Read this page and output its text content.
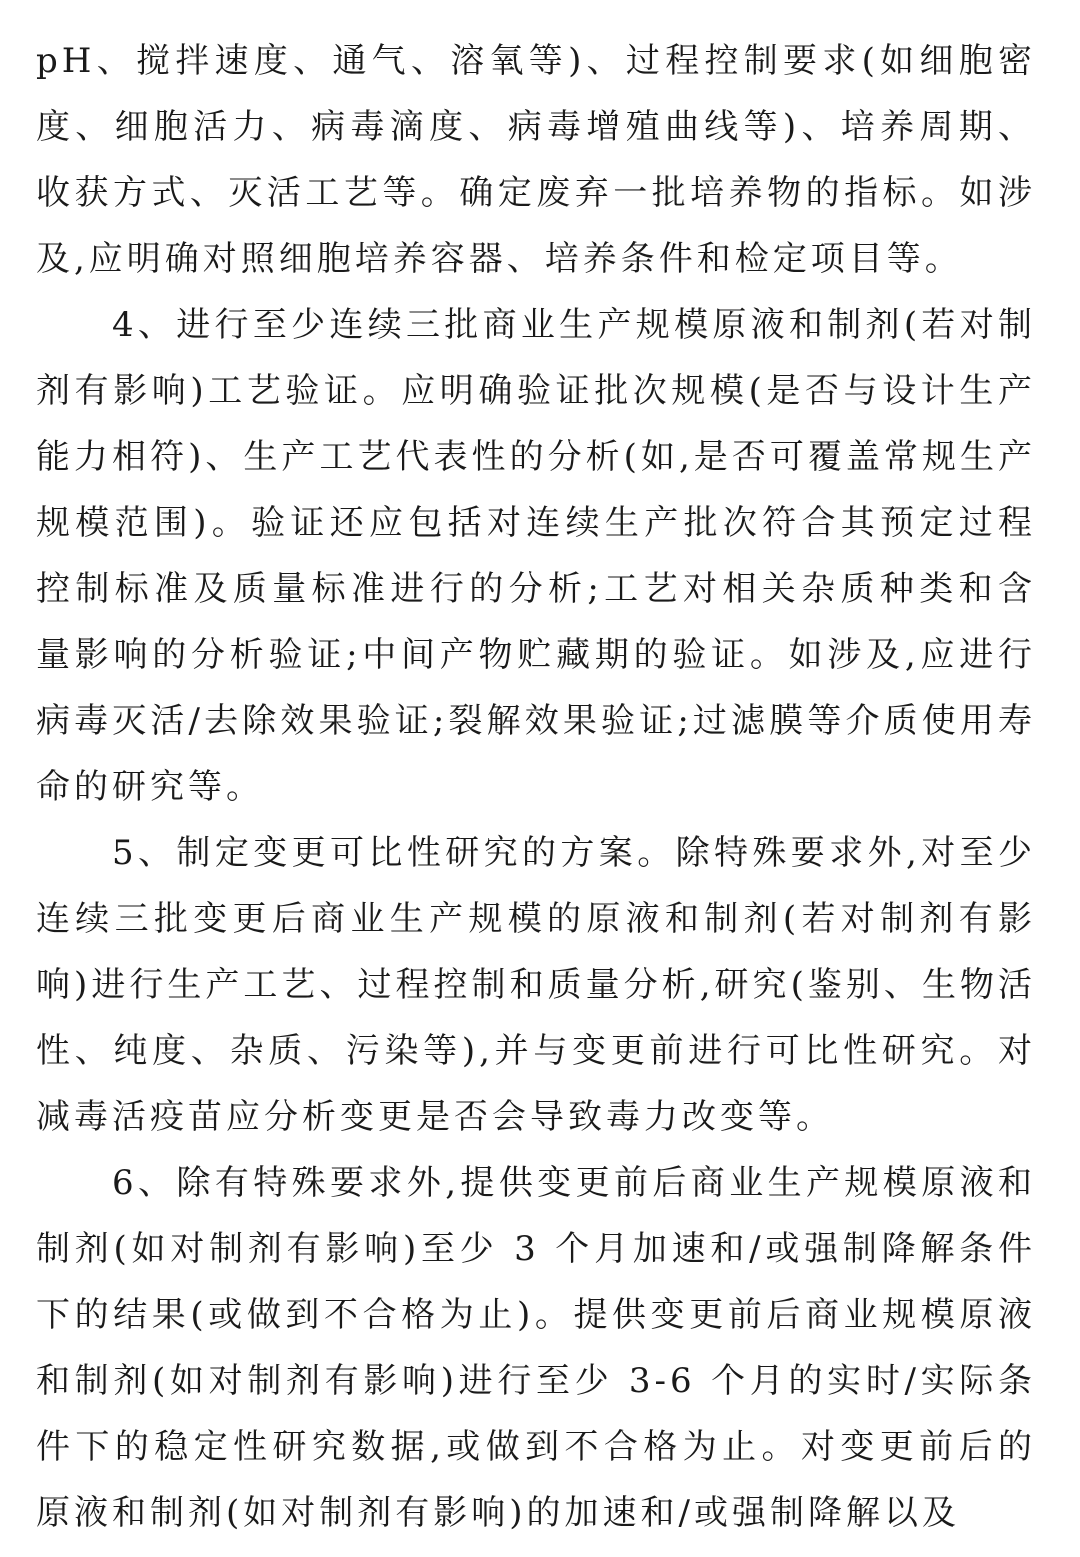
pH、搅拌速度、通气、溶氧等)、过程控制要求(如细胞密度、细胞活力、病毒滴度、病毒增殖曲线等)、培养周期、收获方式、灭活工艺等。确定废弃一批培养物的指标。如涉及,应明确对照细胞培养容器、培养条件和检定项目等。

4、进行至少连续三批商业生产规模原液和制剂(若对制剂有影响)工艺验证。应明确验证批次规模(是否与设计生产能力相符)、生产工艺代表性的分析(如,是否可覆盖常规生产规模范围)。验证还应包括对连续生产批次符合其预定过程控制标准及质量标准进行的分析;工艺对相关杂质种类和含量影响的分析验证;中间产物贮藏期的验证。如涉及,应进行病毒灭活/去除效果验证;裂解效果验证;过滤膜等介质使用寿命的研究等。

5、制定变更可比性研究的方案。除特殊要求外,对至少连续三批变更后商业生产规模的原液和制剂(若对制剂有影响)进行生产工艺、过程控制和质量分析,研究(鉴别、生物活性、纯度、杂质、污染等),并与变更前进行可比性研究。对减毒活疫苗应分析变更是否会导致毒力改变等。

6、除有特殊要求外,提供变更前后商业生产规模原液和制剂(如对制剂有影响)至少 3 个月加速和/或强制降解条件下的结果(或做到不合格为止)。提供变更前后商业规模原液和制剂(如对制剂有影响)进行至少 3-6 个月的实时/实际条件下的稳定性研究数据,或做到不合格为止。对变更前后的原液和制剂(如对制剂有影响)的加速和/或强制降解以及
